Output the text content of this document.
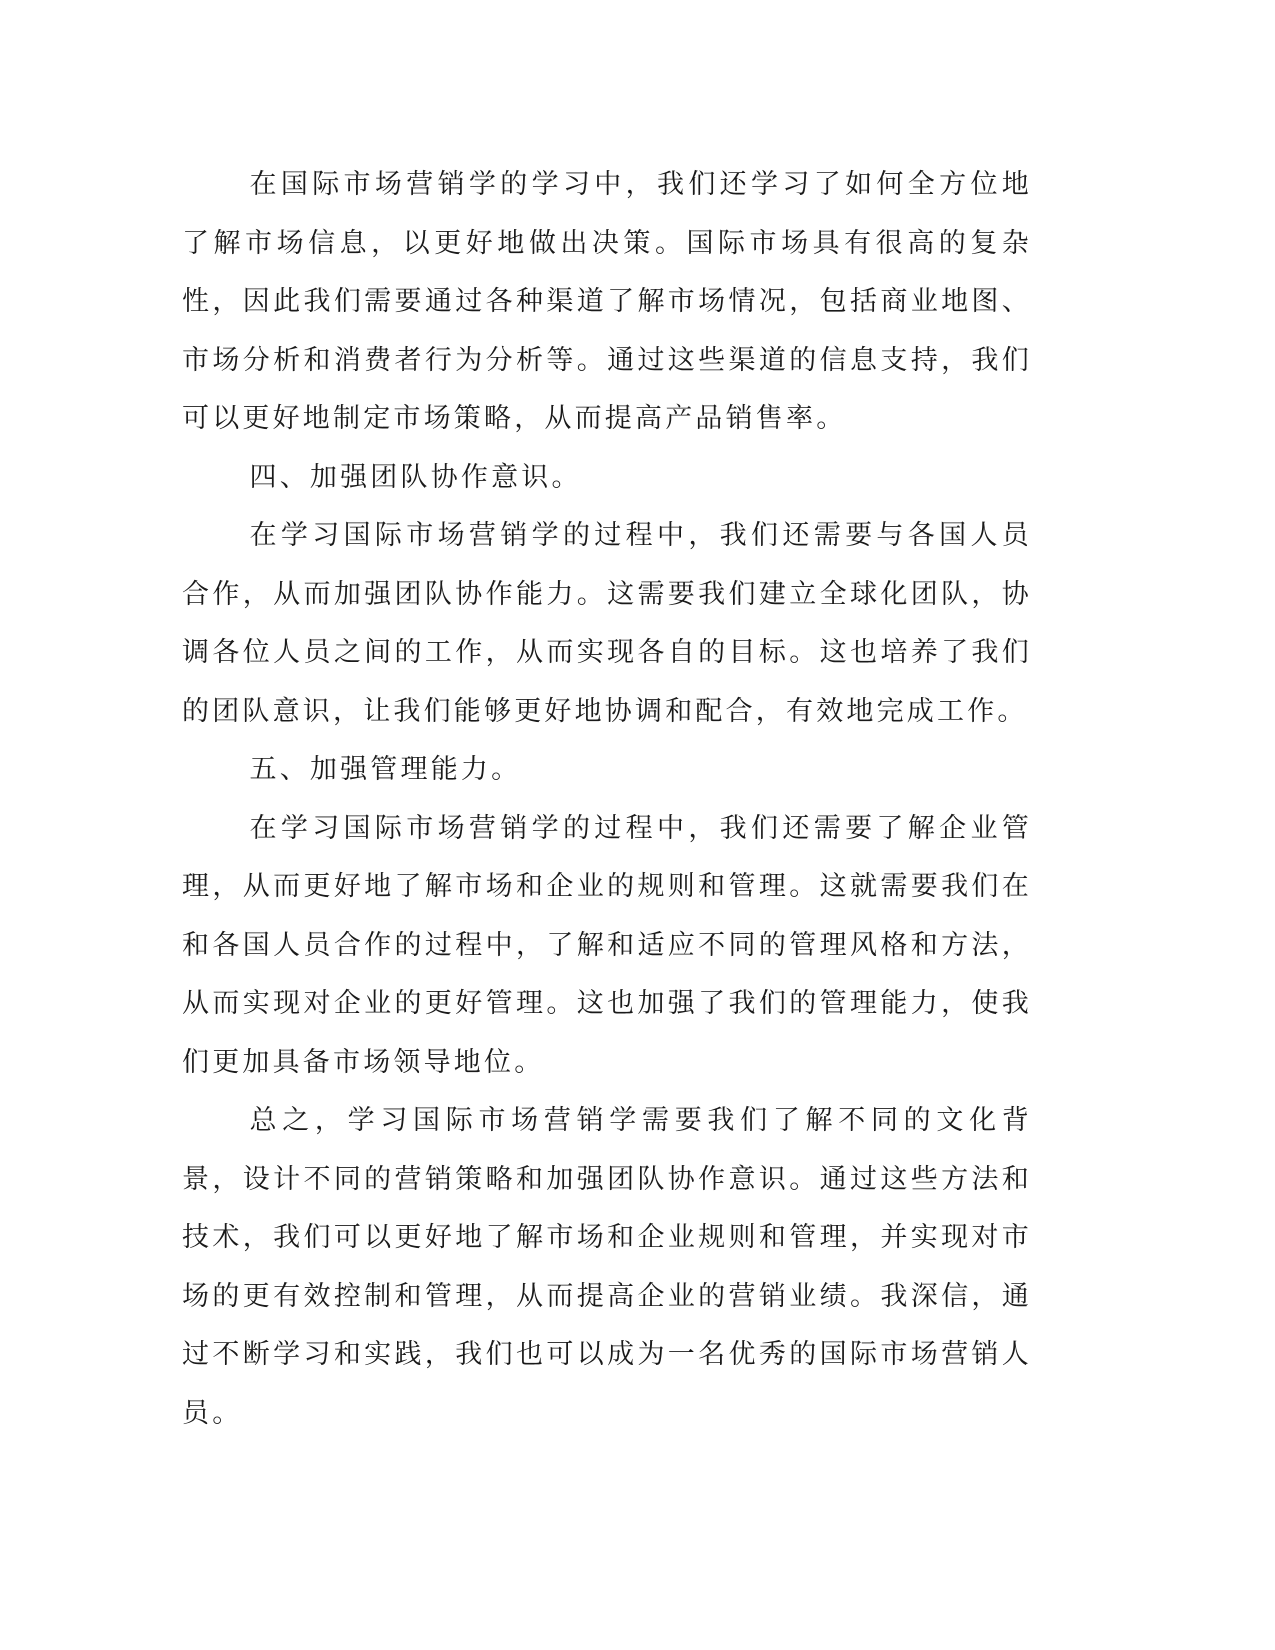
在国际市场营销学的学习中，我们还学习了如何全方位地了解市场信息，以更好地做出决策。国际市场具有很高的复杂性，因此我们需要通过各种渠道了解市场情况，包括商业地图、市场分析和消费者行为分析等。通过这些渠道的信息支持，我们可以更好地制定市场策略，从而提高产品销售率。

四、加强团队协作意识。

在学习国际市场营销学的过程中，我们还需要与各国人员合作，从而加强团队协作能力。这需要我们建立全球化团队，协调各位人员之间的工作，从而实现各自的目标。这也培养了我们的团队意识，让我们能够更好地协调和配合，有效地完成工作。

五、加强管理能力。

在学习国际市场营销学的过程中，我们还需要了解企业管理，从而更好地了解市场和企业的规则和管理。这就需要我们在和各国人员合作的过程中，了解和适应不同的管理风格和方法，从而实现对企业的更好管理。这也加强了我们的管理能力，使我们更加具备市场领导地位。

总之，学习国际市场营销学需要我们了解不同的文化背景，设计不同的营销策略和加强团队协作意识。通过这些方法和技术，我们可以更好地了解市场和企业规则和管理，并实现对市场的更有效控制和管理，从而提高企业的营销业绩。我深信，通过不断学习和实践，我们也可以成为一名优秀的国际市场营销人员。
